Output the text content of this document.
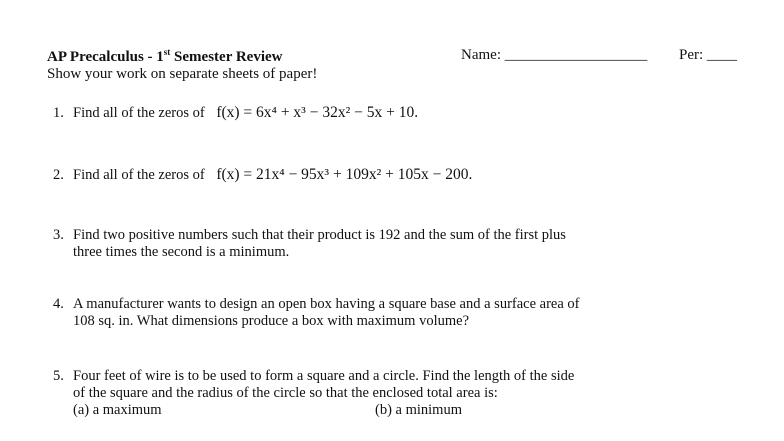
AP Precalculus - 1st Semester Review
Show your work on separate sheets of paper!
Name: ___________________ Per: ____
1. Find all of the zeros of f(x) = 6x⁴ + x³ − 32x² − 5x + 10.
2. Find all of the zeros of f(x) = 21x⁴ − 95x³ + 109x² + 105x − 200.
3. Find two positive numbers such that their product is 192 and the sum of the first plus
three times the second is a minimum.
4. A manufacturer wants to design an open box having a square base and a surface area of
108 sq. in. What dimensions produce a box with maximum volume?
5. Four feet of wire is to be used to form a square and a circle. Find the length of the side
of the square and the radius of the circle so that the enclosed total area is:
(a) a maximum	(b) a minimum
